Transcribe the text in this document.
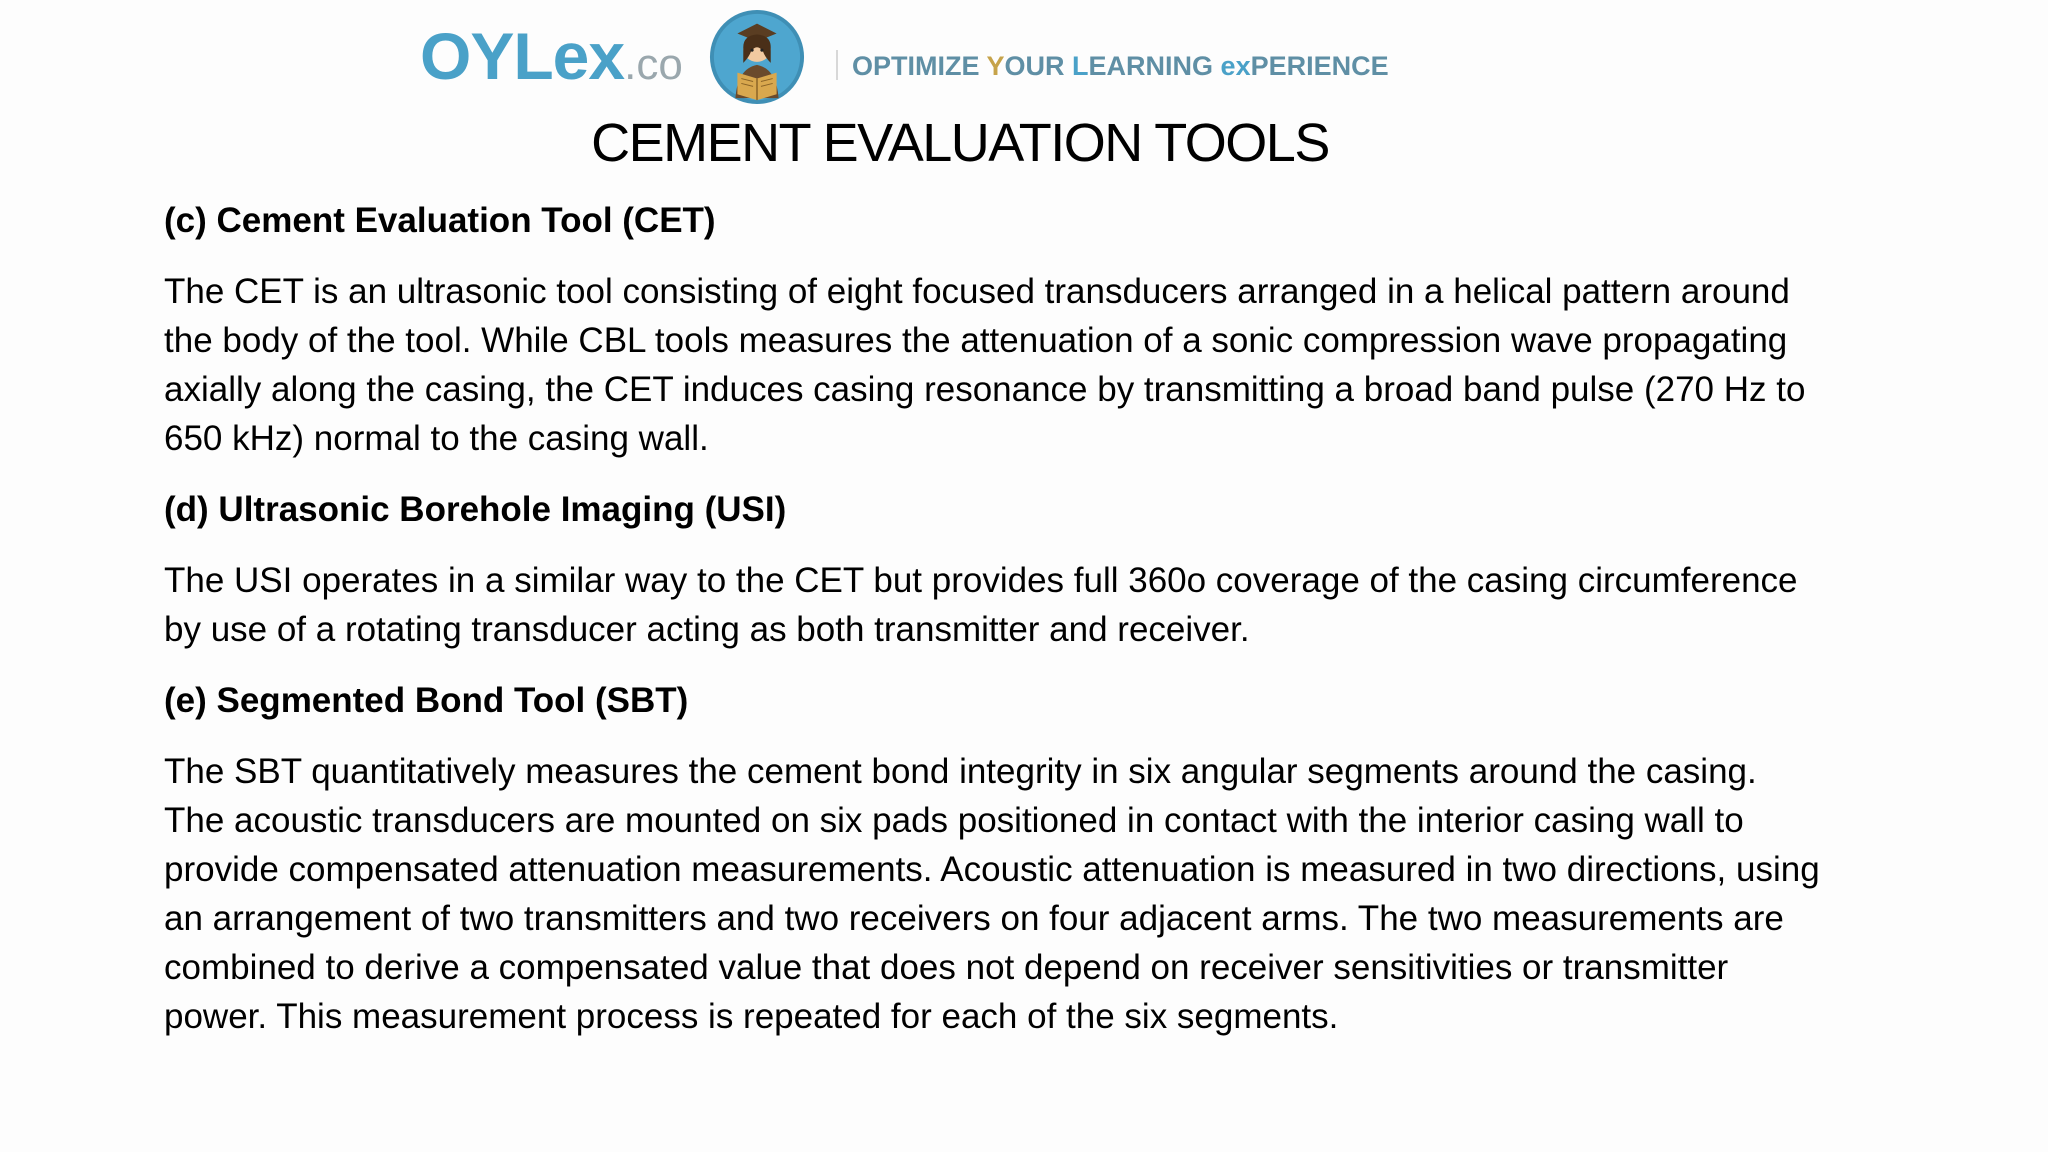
OYLex.co	OPTIMIZE YOUR LEARNING exPERIENCE
CEMENT EVALUATION TOOLS

(c) Cement Evaluation Tool (CET)

The CET is an ultrasonic tool consisting of eight focused transducers arranged in a helical pattern around the body of the tool. While CBL tools measures the attenuation of a sonic compression wave propagating axially along the casing, the CET induces casing resonance by transmitting a broad band pulse (270 Hz to 650 kHz) normal to the casing wall.

(d) Ultrasonic Borehole Imaging (USI)

The USI operates in a similar way to the CET but provides full 360o coverage of the casing circumference by use of a rotating transducer acting as both transmitter and receiver.

(e) Segmented Bond Tool (SBT)

The SBT quantitatively measures the cement bond integrity in six angular segments around the casing. The acoustic transducers are mounted on six pads positioned in contact with the interior casing wall to provide compensated attenuation measurements. Acoustic attenuation is measured in two directions, using an arrangement of two transmitters and two receivers on four adjacent arms. The two measurements are combined to derive a compensated value that does not depend on receiver sensitivities or transmitter power. This measurement process is repeated for each of the six segments.
